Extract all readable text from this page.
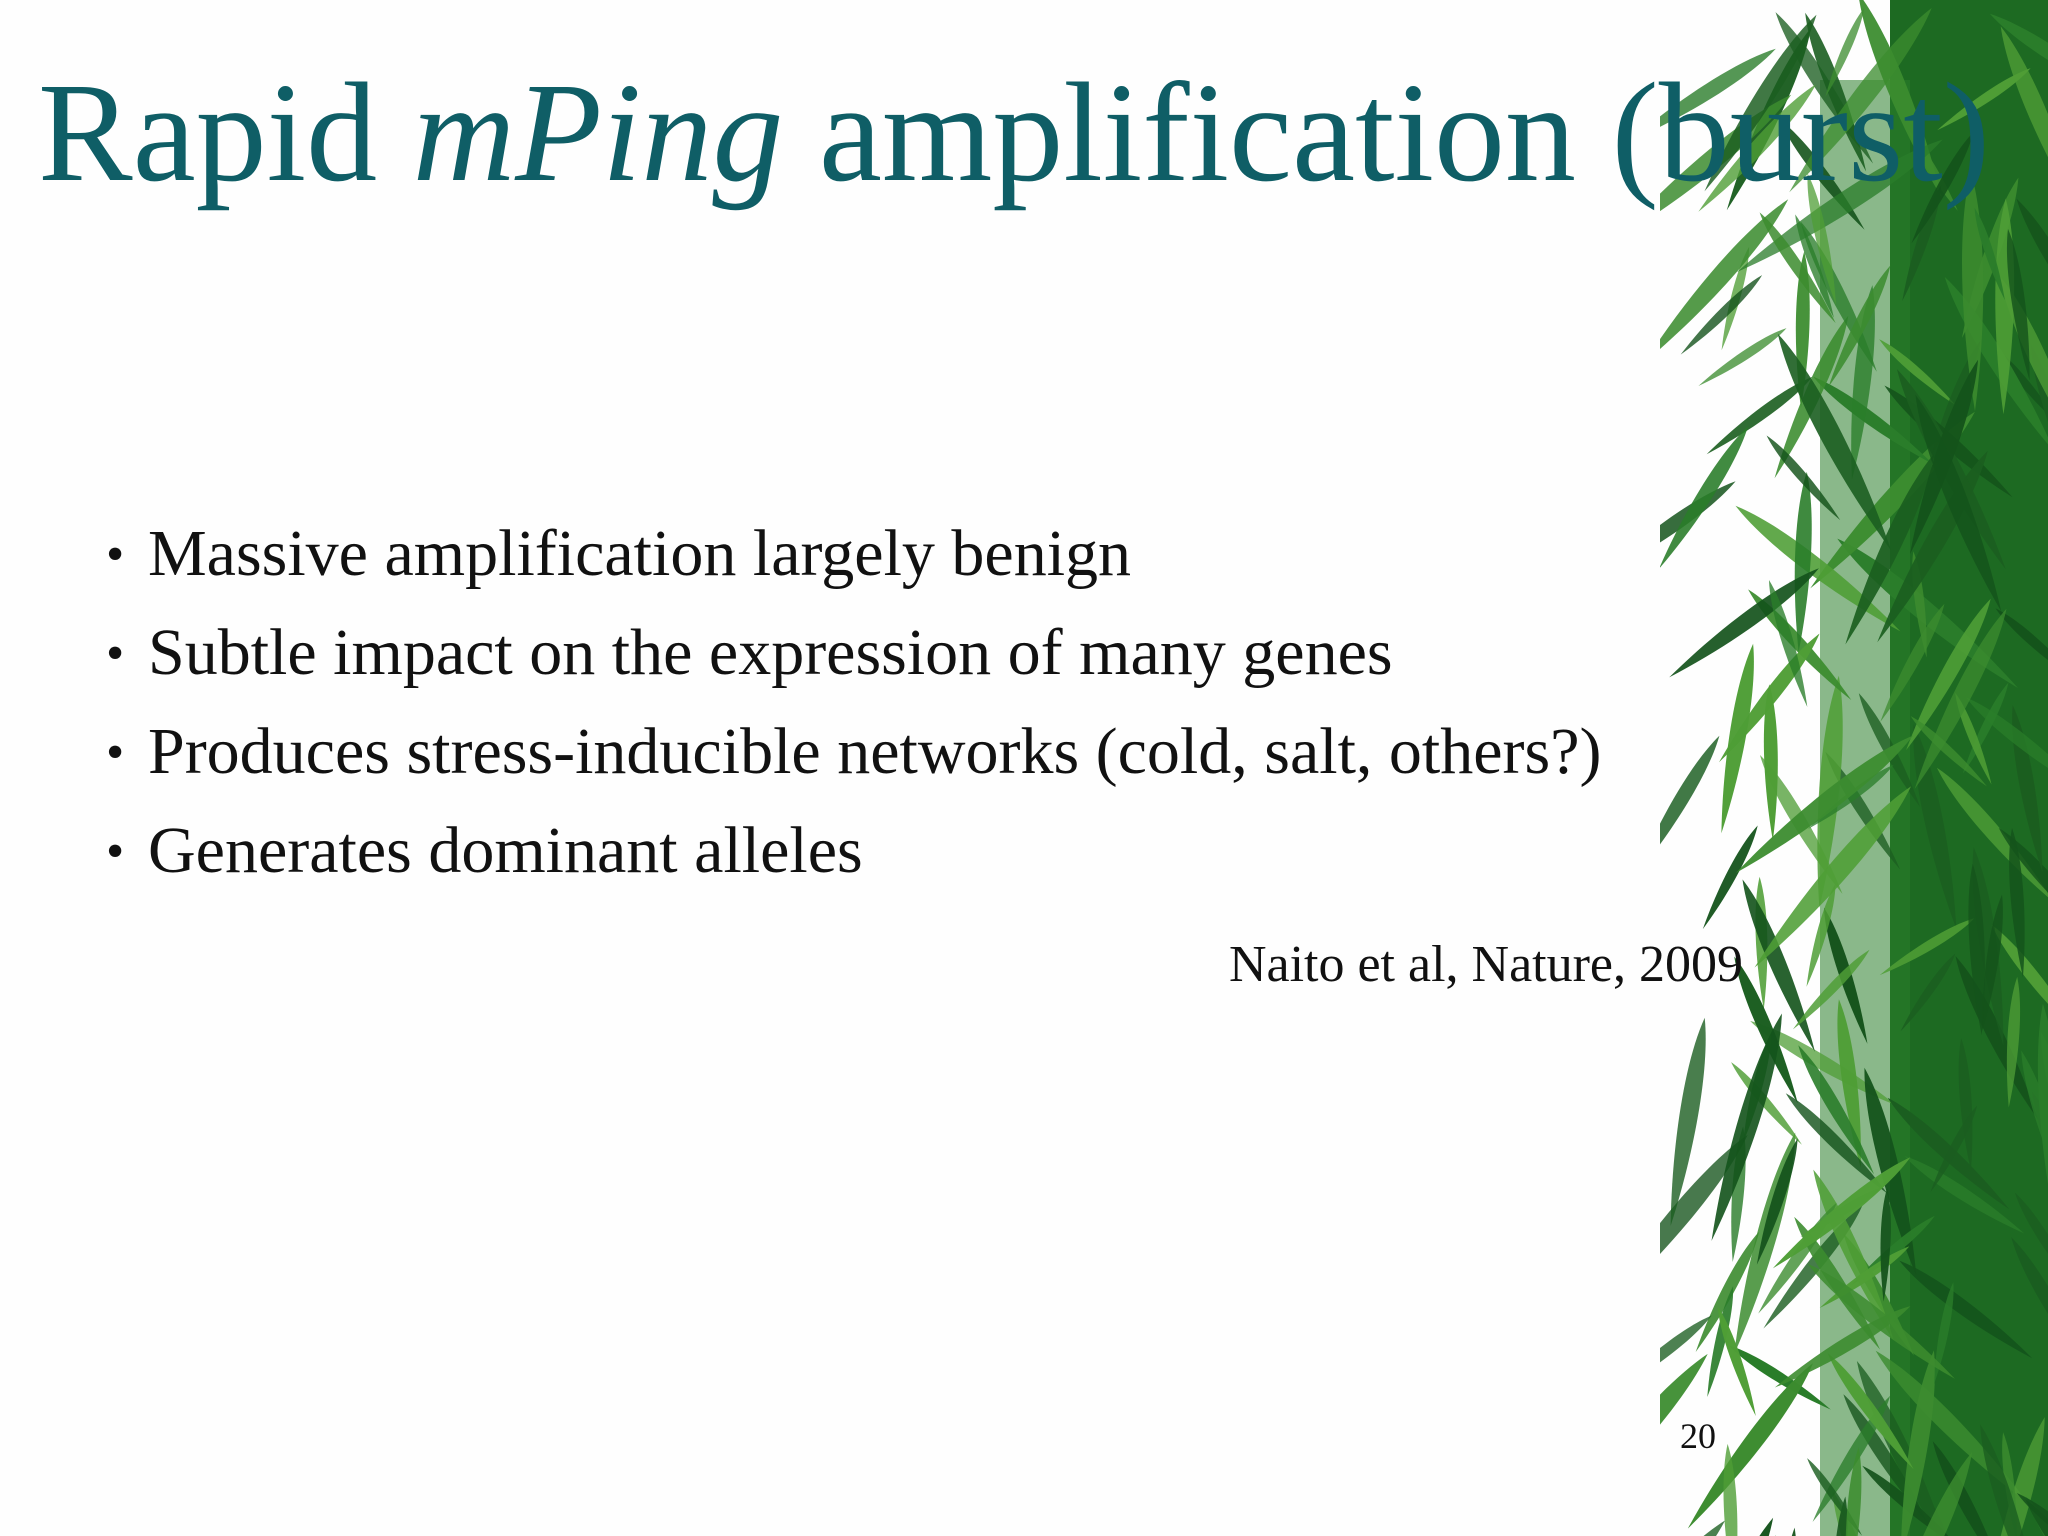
Rapid mPing amplification (burst)
• Massive amplification largely benign
• Subtle impact on the expression of many genes
• Produces stress-inducible networks (cold, salt, others?)
• Generates dominant alleles
Naito et al, Nature, 2009
20
